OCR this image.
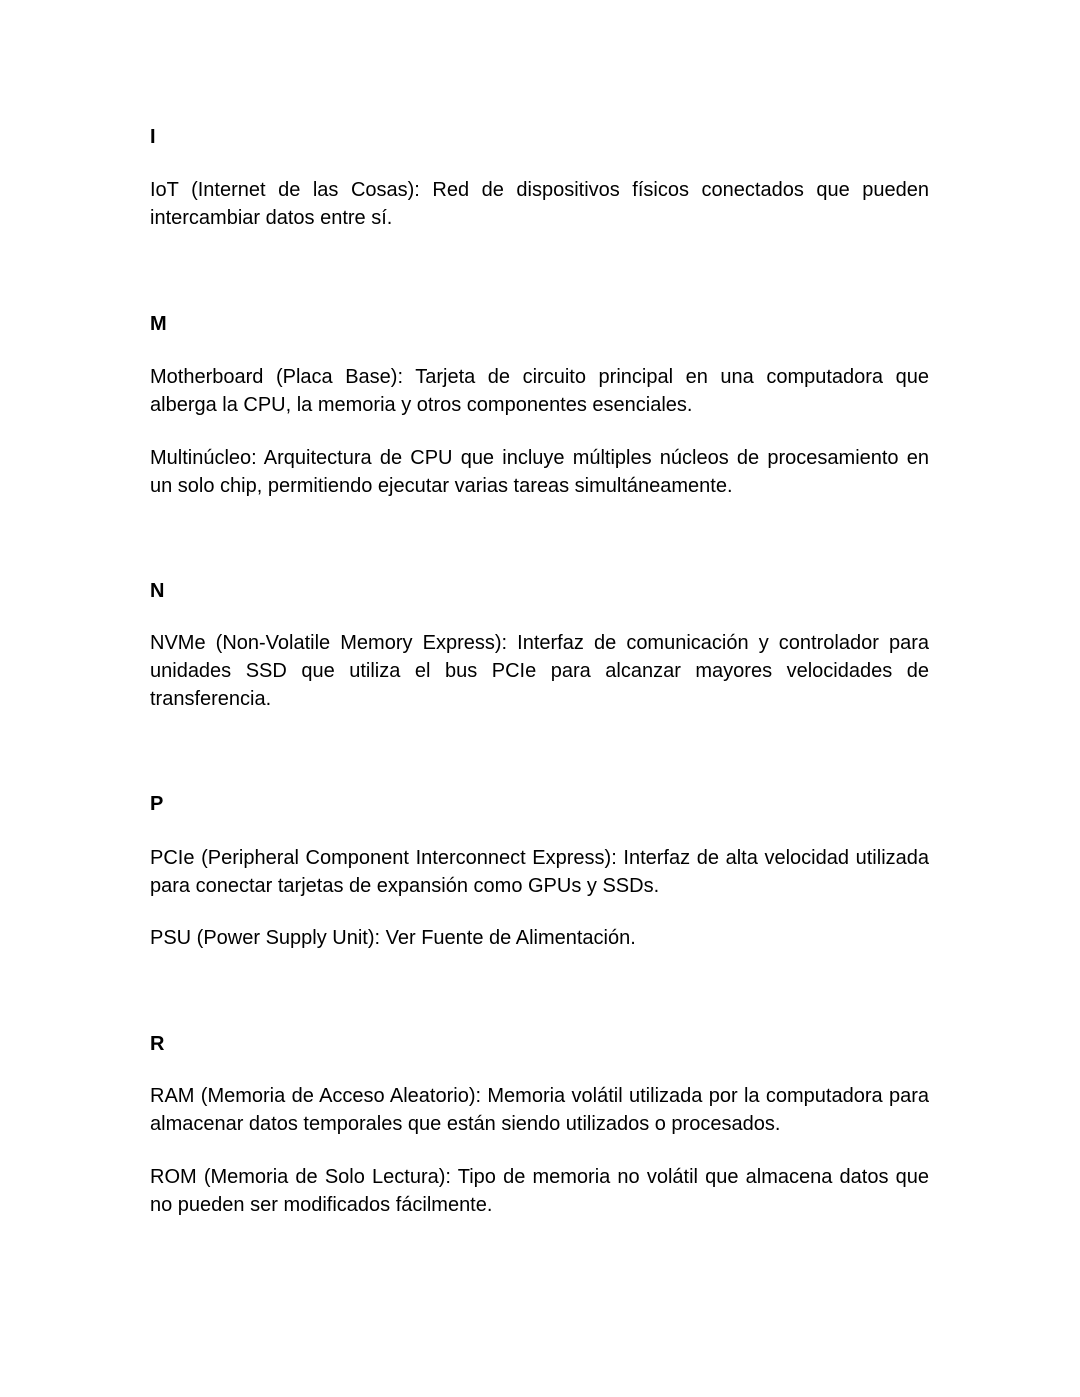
I

IoT (Internet de las Cosas): Red de dispositivos físicos conectados que pueden intercambiar datos entre sí.

M

Motherboard (Placa Base): Tarjeta de circuito principal en una computadora que alberga la CPU, la memoria y otros componentes esenciales.

Multinúcleo: Arquitectura de CPU que incluye múltiples núcleos de procesamiento en un solo chip, permitiendo ejecutar varias tareas simultáneamente.

N

NVMe (Non-Volatile Memory Express): Interfaz de comunicación y controlador para unidades SSD que utiliza el bus PCIe para alcanzar mayores velocidades de transferencia.

P

PCIe (Peripheral Component Interconnect Express): Interfaz de alta velocidad utilizada para conectar tarjetas de expansión como GPUs y SSDs.

PSU (Power Supply Unit): Ver Fuente de Alimentación.

R

RAM (Memoria de Acceso Aleatorio): Memoria volátil utilizada por la computadora para almacenar datos temporales que están siendo utilizados o procesados.

ROM (Memoria de Solo Lectura): Tipo de memoria no volátil que almacena datos que no pueden ser modificados fácilmente.
